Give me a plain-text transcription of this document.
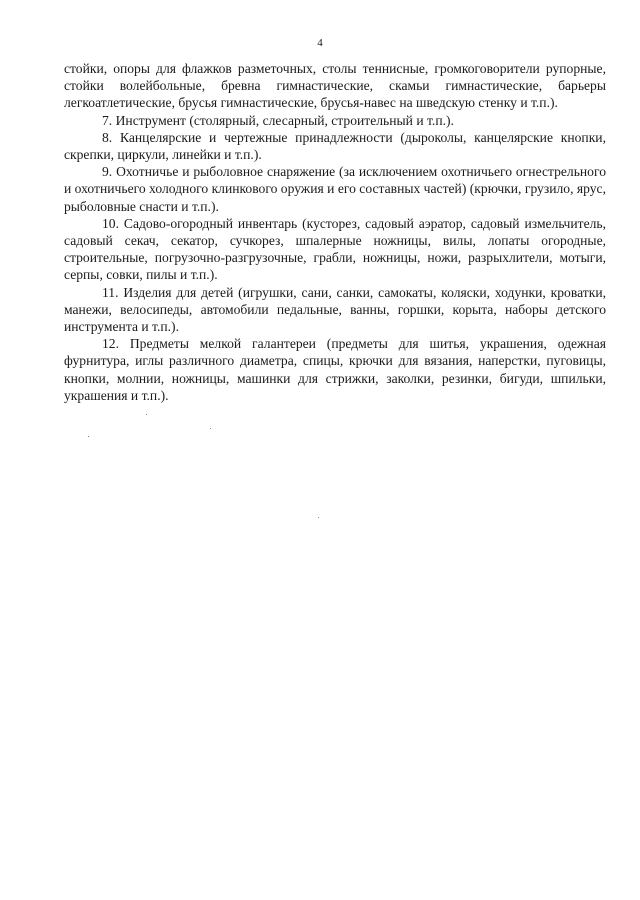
4

стойки, опоры для флажков разметочных, столы теннисные, громкоговорители рупорные, стойки волейбольные, бревна гимнастические, скамьи гимнастические, барьеры легкоатлетические, брусья гимнастические, брусья-навес на шведскую стенку и т.п.).

7. Инструмент (столярный, слесарный, строительный и т.п.).

8. Канцелярские и чертежные принадлежности (дыроколы, канцелярские кнопки, скрепки, циркули, линейки и т.п.).

9. Охотничье и рыболовное снаряжение (за исключением охотничьего огнестрельного и охотничьего холодного клинкового оружия и его составных частей) (крючки, грузило, ярус, рыболовные снасти и т.п.).

10. Садово-огородный инвентарь (кусторез, садовый аэратор, садовый измельчитель, садовый секач, секатор, сучкорез, шпалерные ножницы, вилы, лопаты огородные, строительные, погрузочно-разгрузочные, грабли, ножницы, ножи, разрыхлители, мотыги, серпы, совки, пилы и т.п.).

11. Изделия для детей (игрушки, сани, санки, самокаты, коляски, ходунки, кроватки, манежи, велосипеды, автомобили педальные, ванны, горшки, корыта, наборы детского инструмента и т.п.).

12. Предметы мелкой галантереи (предметы для шитья, украшения, одежная фурнитура, иглы различного диаметра, спицы, крючки для вязания, наперстки, пуговицы, кнопки, молнии, ножницы, машинки для стрижки, заколки, резинки, бигуди, шпильки, украшения и т.п.).
